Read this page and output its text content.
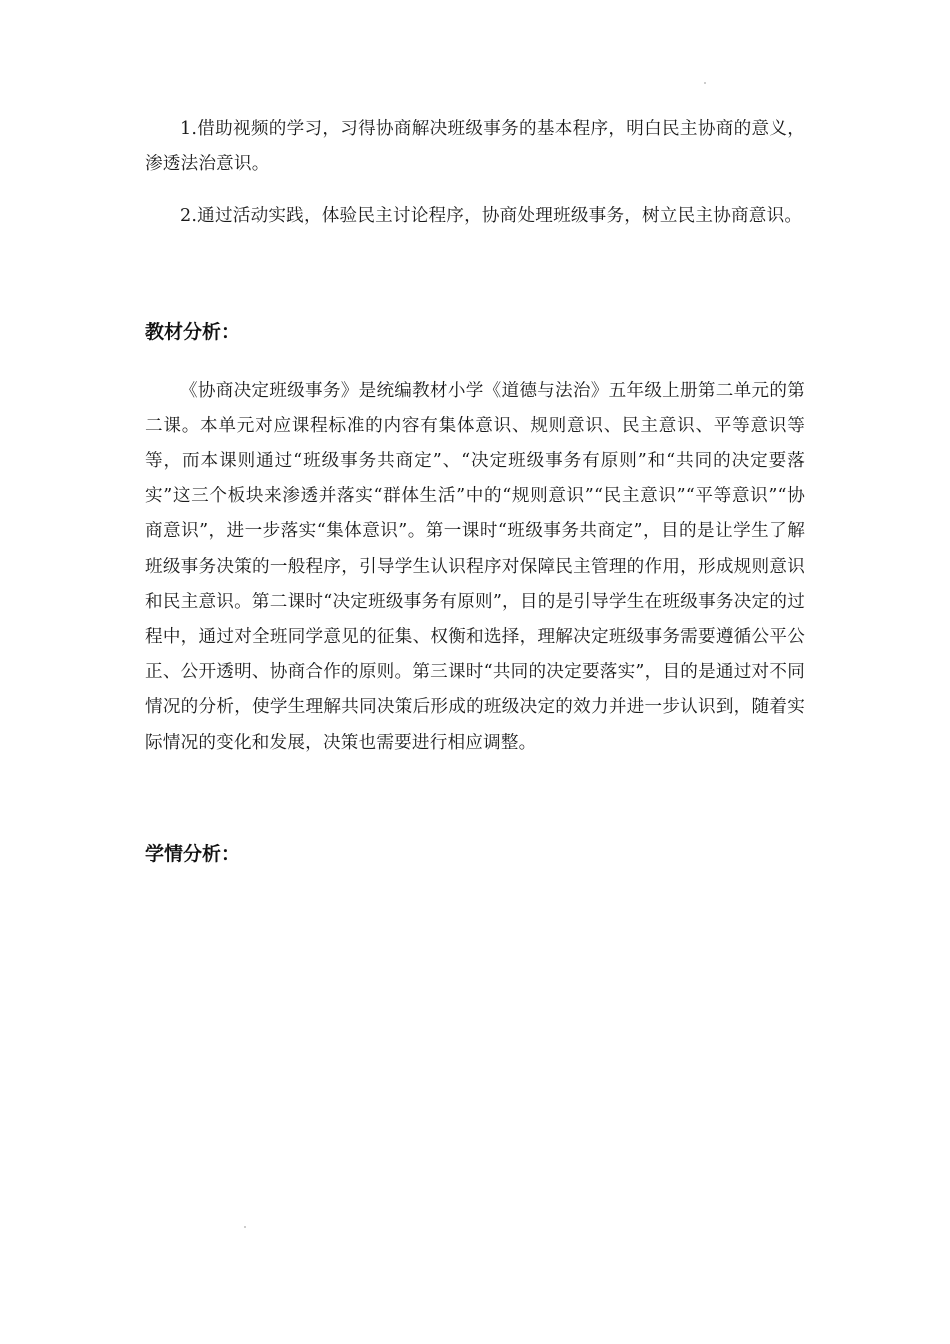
1.借助视频的学习，习得协商解决班级事务的基本程序，明白民主协商的意义，渗透法治意识。

2.通过活动实践，体验民主讨论程序，协商处理班级事务，树立民主协商意识。

教材分析：

《协商决定班级事务》是统编教材小学《道德与法治》五年级上册第二单元的第二课。本单元对应课程标准的内容有集体意识、规则意识、民主意识、平等意识等等，而本课则通过“班级事务共商定”、“决定班级事务有原则”和“共同的决定要落实”这三个板块来渗透并落实“群体生活”中的“规则意识”“民主意识”“平等意识”“协商意识”，进一步落实“集体意识”。第一课时“班级事务共商定”，目的是让学生了解班级事务决策的一般程序，引导学生认识程序对保障民主管理的作用，形成规则意识和民主意识。第二课时“决定班级事务有原则”，目的是引导学生在班级事务决定的过程中，通过对全班同学意见的征集、权衡和选择，理解决定班级事务需要遵循公平公正、公开透明、协商合作的原则。第三课时“共同的决定要落实”，目的是通过对不同情况的分析，使学生理解共同决策后形成的班级决定的效力并进一步认识到，随着实际情况的变化和发展，决策也需要进行相应调整。

学情分析：
